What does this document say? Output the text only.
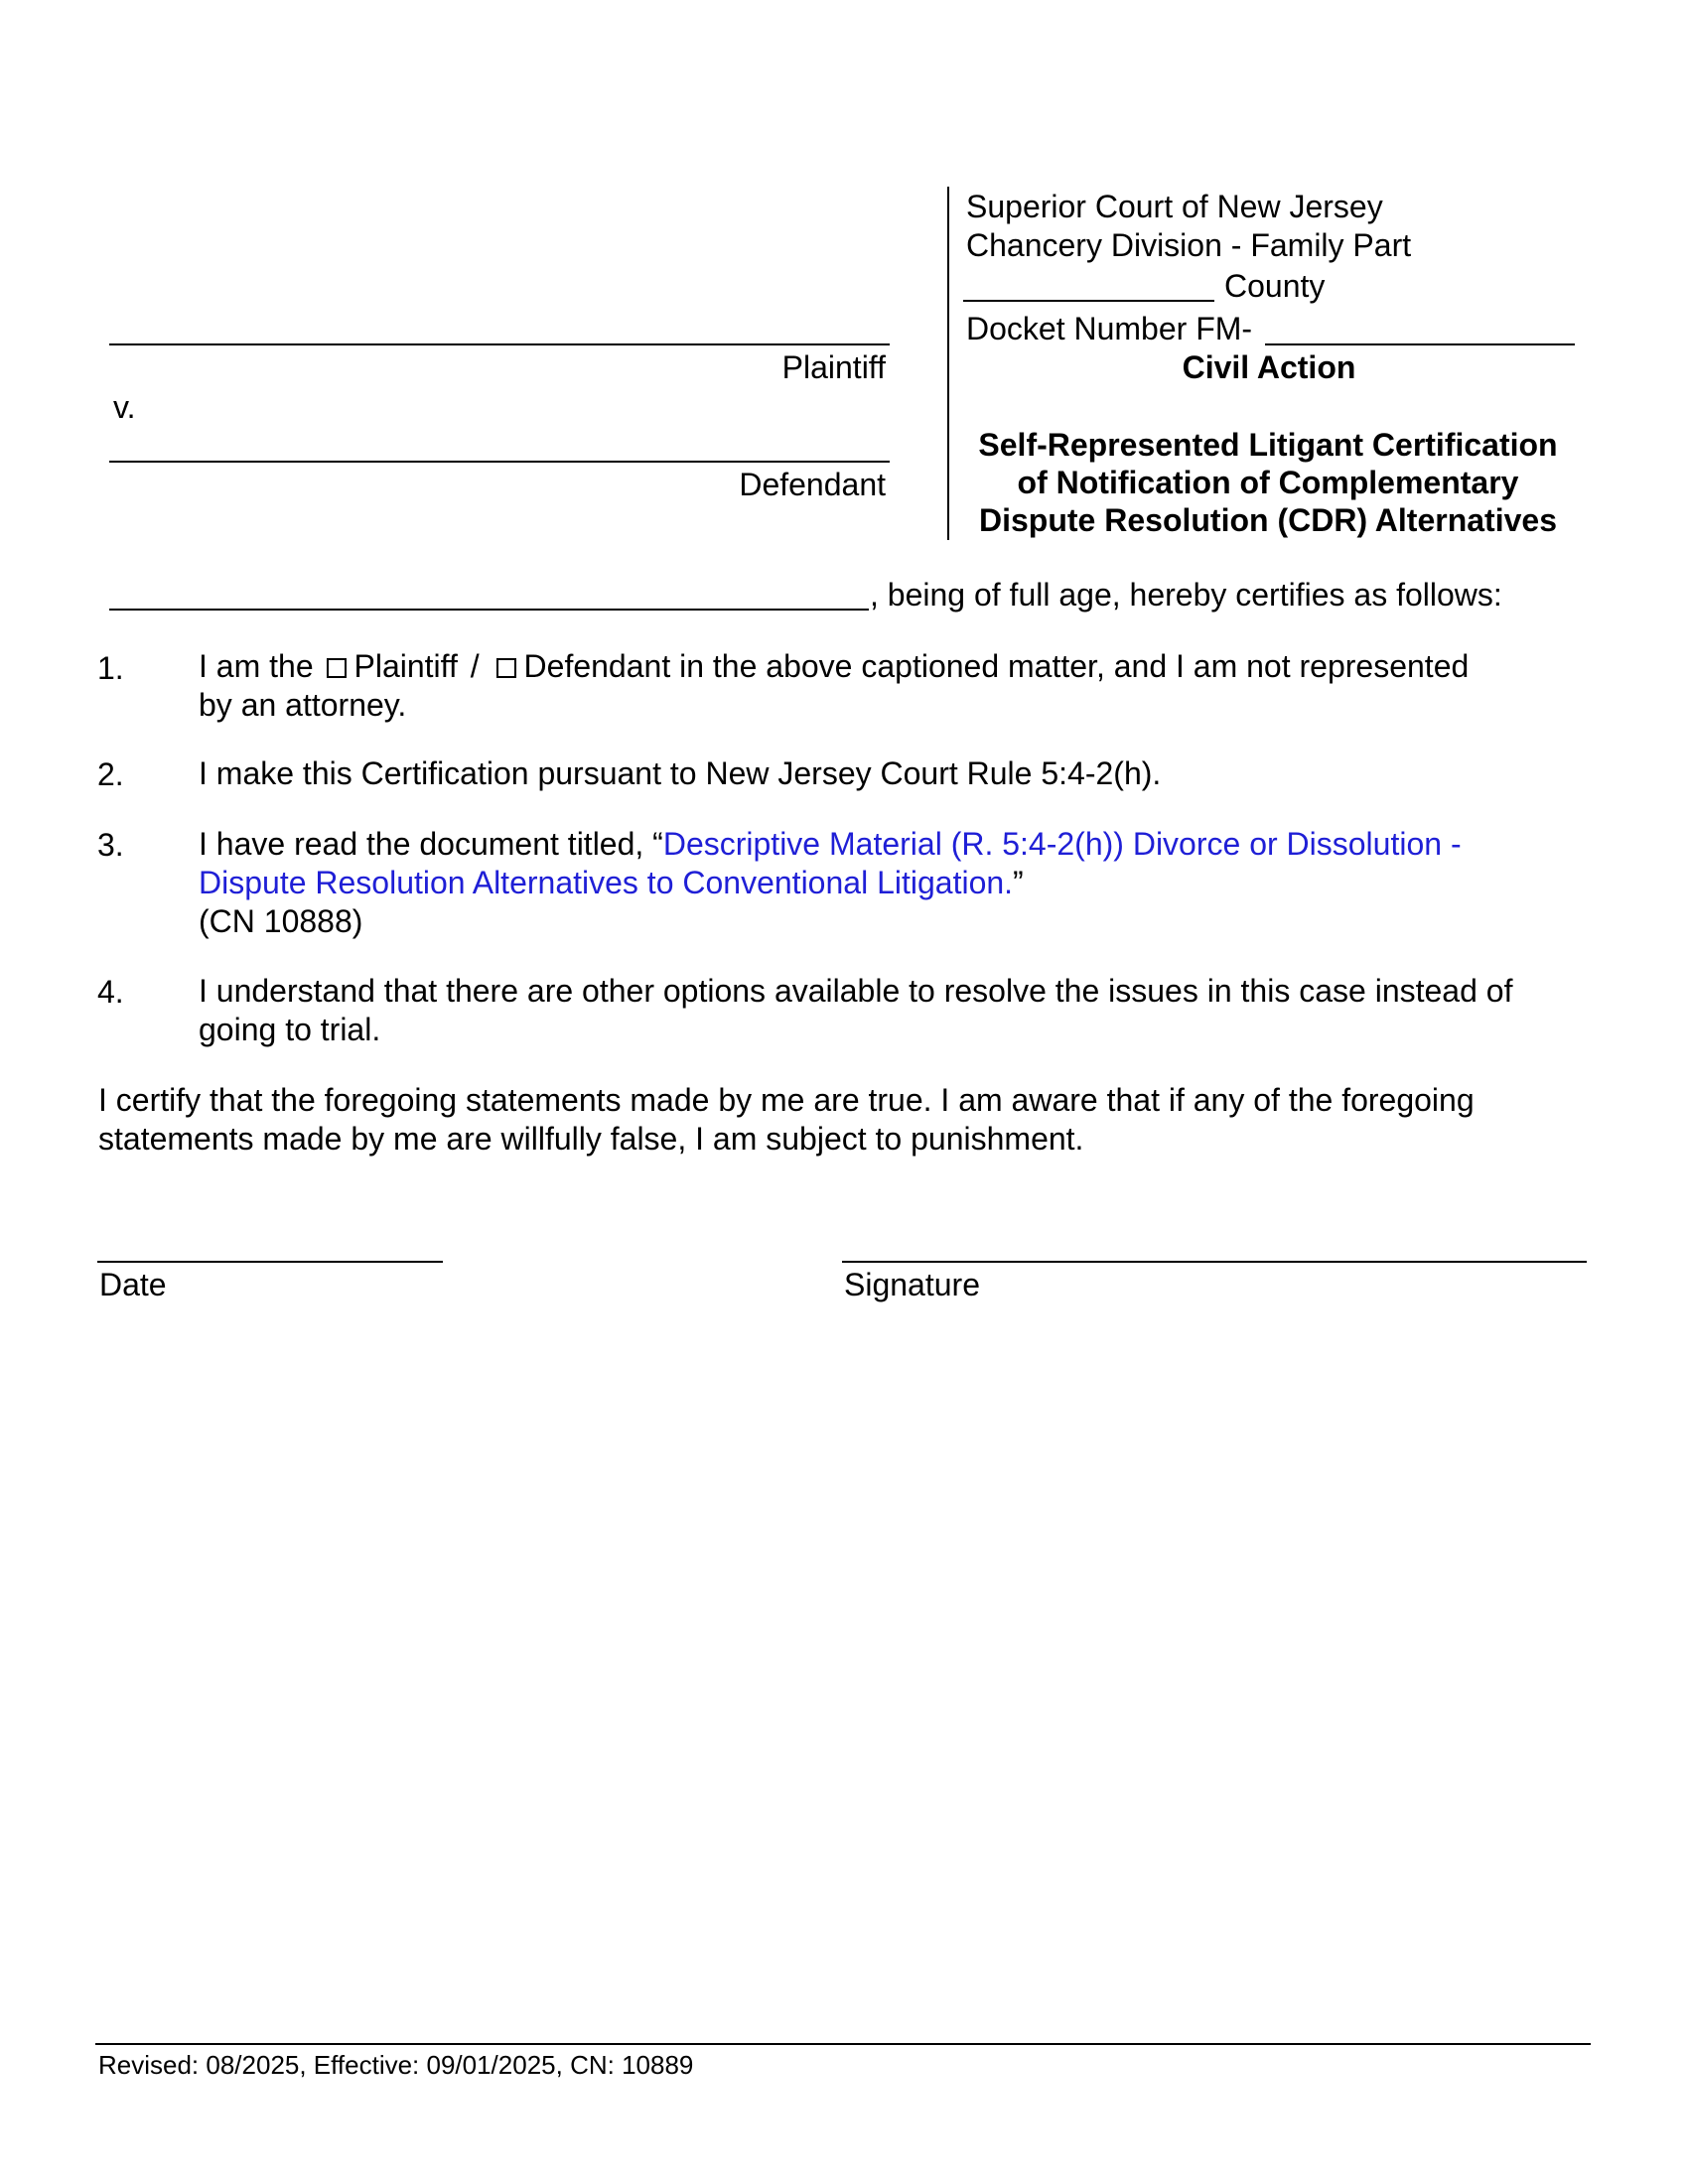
Plaintiff
v.
Defendant
Superior Court of New Jersey
Chancery Division - Family Part
County
Docket Number FM-
Civil Action
Self-Represented Litigant Certification
of Notification of Complementary
Dispute Resolution (CDR) Alternatives
, being of full age, hereby certifies as follows:
1. I am the Plaintiff / Defendant in the above captioned matter, and I am not represented
by an attorney.
2. I make this Certification pursuant to New Jersey Court Rule 5:4-2(h).
3. I have read the document titled, “Descriptive Material (R. 5:4-2(h)) Divorce or Dissolution -
Dispute Resolution Alternatives to Conventional Litigation.”
(CN 10888)
4. I understand that there are other options available to resolve the issues in this case instead of
going to trial.
I certify that the foregoing statements made by me are true. I am aware that if any of the foregoing
statements made by me are willfully false, I am subject to punishment.
Date	Signature
Revised: 08/2025, Effective: 09/01/2025, CN: 10889
